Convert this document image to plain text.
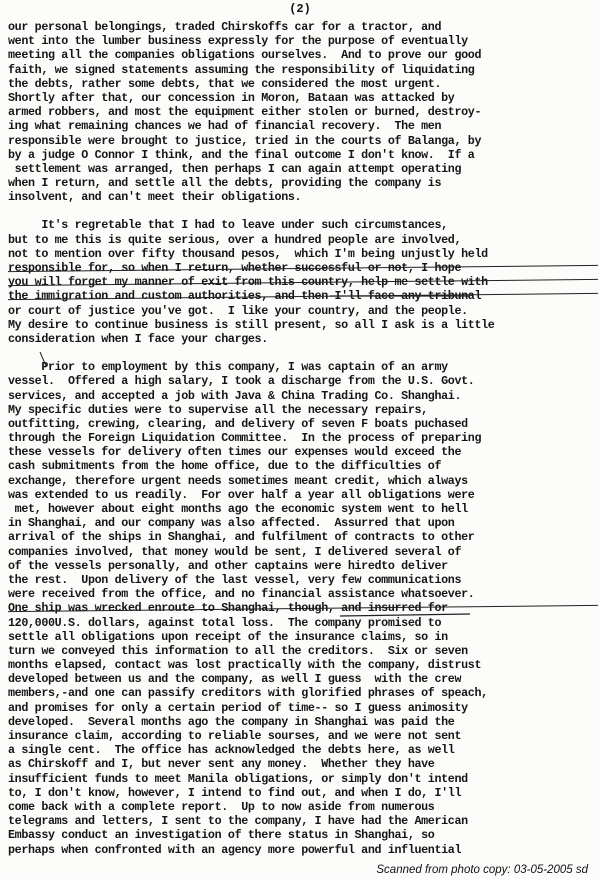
(2)
our personal belongings, traded Chirskoffs car for a tractor, and
went into the lumber business expressly for the purpose of eventually
meeting all the companies obligations ourselves.  And to prove our good
faith, we signed statements assuming the responsibility of liquidating
the debts, rather some debts, that we considered the most urgent.
Shortly after that, our concession in Moron, Bataan was attacked by
armed robbers, and most the equipment either stolen or burned, destroy-
ing what remaining chances we had of financial recovery.  The men
responsible were brought to justice, tried in the courts of Balanga, by
by a judge O Connor I think, and the final outcome I don't know.  If a
settlement was arranged, then perhaps I can again attempt operating
when I return, and settle all the debts, providing the company is
insolvent, and can't meet their obligations.
It's regretable that I had to leave under such circumstances,
but to me this is quite serious, over a hundred people are involved,
not to mention over fifty thousand pesos,  which I'm being unjustly held
responsible for, so when I return, whether successful or not, I hope
you will forget my manner of exit from this country, help me settle with
the immigration and custom authorities, and then I'll face any tribunal
or court of justice you've got.  I like your country, and the people.
My desire to continue business is still present, so all I ask is a little
consideration when I face your charges.
Prior to employment by this company, I was captain of an army
vessel.  Offered a high salary, I took a discharge from the U.S. Govt.
services, and accepted a job with Java & China Trading Co. Shanghai.
My specific duties were to supervise all the necessary repairs,
outfitting, crewing, clearing, and delivery of seven F boats puchased
through the Foreign Liquidation Committee.  In the process of preparing
these vessels for delivery often times our expenses would exceed the
cash submitments from the home office, due to the difficulties of
exchange, therefore urgent needs sometimes meant credit, which always
was extended to us readily.  For over half a year all obligations were
met, however about eight months ago the economic system went to hell
in Shanghai, and our company was also affected.  Assurred that upon
arrival of the ships in Shanghai, and fulfilment of contracts to other
companies involved, that money would be sent, I delivered several of
of the vessels personally, and other captains were hiredto deliver
the rest.  Upon delivery of the last vessel, very few communications
were received from the office, and no financial assistance whatsoever.
One ship was wrecked enroute to Shanghai, though, and insurred for
120,000U.S. dollars, against total loss.  The company promised to
settle all obligations upon receipt of the insurance claims, so in
turn we conveyed this information to all the creditors.  Six or seven
months elapsed, contact was lost practically with the company, distrust
developed between us and the company, as well I guess  with the crew
members,-and one can passify creditors with glorified phrases of speach,
and promises for only a certain period of time-- so I guess animosity
developed.  Several months ago the company in Shanghai was paid the
insurance claim, according to reliable sourses, and we were not sent
a single cent.  The office has acknowledged the debts here, as well
as Chirskoff and I, but never sent any money.  Whether they have
insufficient funds to meet Manila obligations, or simply don't intend
to, I don't know, however, I intend to find out, and when I do, I'll
come back with a complete report.  Up to now aside from numerous
telegrams and letters, I sent to the company, I have had the American
Embassy conduct an investigation of there status in Shanghai, so
perhaps when confronted with an agency more powerful and influential
Scanned from photo copy: 03-05-2005 sd
